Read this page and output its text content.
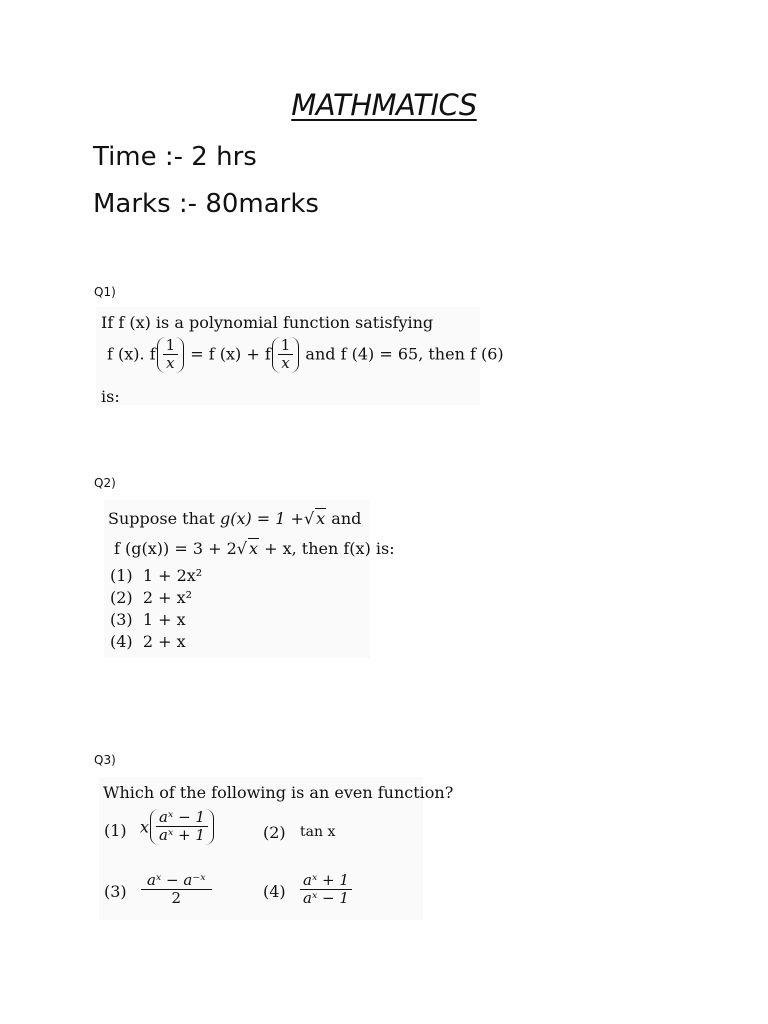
MATHMATICS
Time :- 2 hrs
Marks :- 80marks
Q1)
If f (x) is a polynomial function satisfying
f (x). f $\frac{1}{x} = f$ (x) + f $\frac{1}{x}$ and f (4) = 65, then f (6)
is:
Q2)
Suppose that g(x) = 1 +√ x and
f (g(x)) = 3 + 2√ x + x, then f(x) is:
(1) 1 + 2x²
(2) 2 + x²
(3) 1 + x
(4) 2 + x
Q3)
Which of the following is an even function?
(1) x $\frac{\text{aˣ − 1}}{\text{aˣ + 1}}$	(2) tan x
$(3) \frac{\text{aˣ − a⁻ˣ}}{2}$	$(4) \frac{\text{aˣ + 1}}{\text{aˣ − 1}}$
